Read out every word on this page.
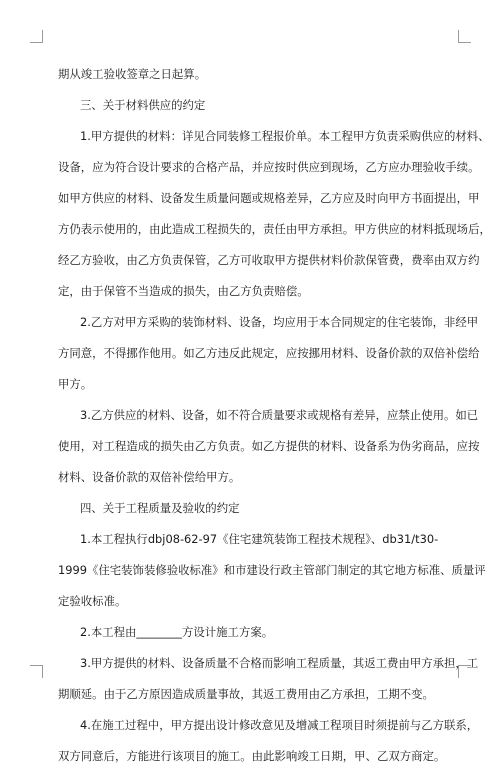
期从竣工验收签章之日起算。
三、关于材料供应的约定
1.甲方提供的材料：详见合同装修工程报价单。本工程甲方负责采购供应的材料、
设备，应为符合设计要求的合格产品，并应按时供应到现场，乙方应办理验收手续。
如甲方供应的材料、设备发生质量问题或规格差异，乙方应及时向甲方书面提出，甲
方仍表示使用的，由此造成工程损失的，责任由甲方承担。甲方供应的材料抵现场后，
经乙方验收，由乙方负责保管，乙方可收取甲方提供材料价款保管费，费率由双方约
定，由于保管不当造成的损失，由乙方负责赔偿。
2.乙方对甲方采购的装饰材料、设备，均应用于本合同规定的住宅装饰，非经甲
方同意，不得挪作他用。如乙方违反此规定，应按挪用材料、设备价款的双倍补偿给
甲方。
3.乙方供应的材料、设备，如不符合质量要求或规格有差异，应禁止使用。如已
使用，对工程造成的损失由乙方负责。如乙方提供的材料、设备系为伪劣商品，应按
材料、设备价款的双倍补偿给甲方。
四、关于工程质量及验收的约定
1.本工程执行dbj08-62-97《住宅建筑装饰工程技术规程》、db31/t30-
1999《住宅装饰装修验收标准》和市建设行政主管部门制定的其它地方标准、质量评
定验收标准。
2.本工程由________方设计施工方案。
3.甲方提供的材料、设备质量不合格而影响工程质量，其返工费由甲方承担，工
期顺延。由于乙方原因造成质量事故，其返工费用由乙方承担，工期不变。
4.在施工过程中，甲方提出设计修改意见及增减工程项目时须提前与乙方联系，
双方同意后，方能进行该项目的施工。由此影响竣工日期，甲、乙双方商定。
